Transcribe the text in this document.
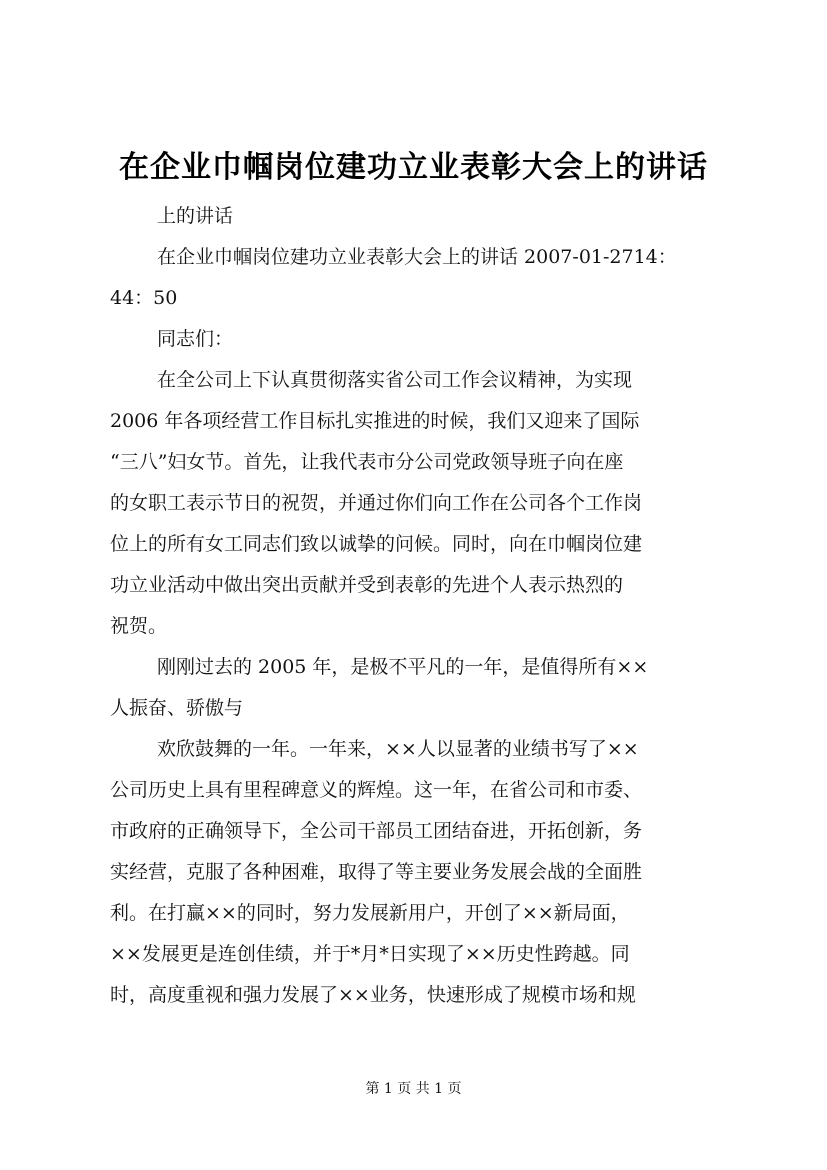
在企业巾帼岗位建功立业表彰大会上的讲话
上的讲话
在企业巾帼岗位建功立业表彰大会上的讲话 2007-01-2714：
44：50
同志们：
在全公司上下认真贯彻落实省公司工作会议精神，为实现
2006 年各项经营工作目标扎实推进的时候，我们又迎来了国际
“三八”妇女节。首先，让我代表市分公司党政领导班子向在座
的女职工表示节日的祝贺，并通过你们向工作在公司各个工作岗
位上的所有女工同志们致以诚挚的问候。同时，向在巾帼岗位建
功立业活动中做出突出贡献并受到表彰的先进个人表示热烈的
祝贺。
刚刚过去的 2005 年，是极不平凡的一年，是值得所有××
人振奋、骄傲与
欢欣鼓舞的一年。一年来，××人以显著的业绩书写了××
公司历史上具有里程碑意义的辉煌。这一年，在省公司和市委、
市政府的正确领导下，全公司干部员工团结奋进，开拓创新，务
实经营，克服了各种困难，取得了等主要业务发展会战的全面胜
利。在打赢××的同时，努力发展新用户，开创了××新局面，
××发展更是连创佳绩，并于*月*日实现了××历史性跨越。同
时，高度重视和强力发展了××业务，快速形成了规模市场和规
第 1 页 共 1 页
